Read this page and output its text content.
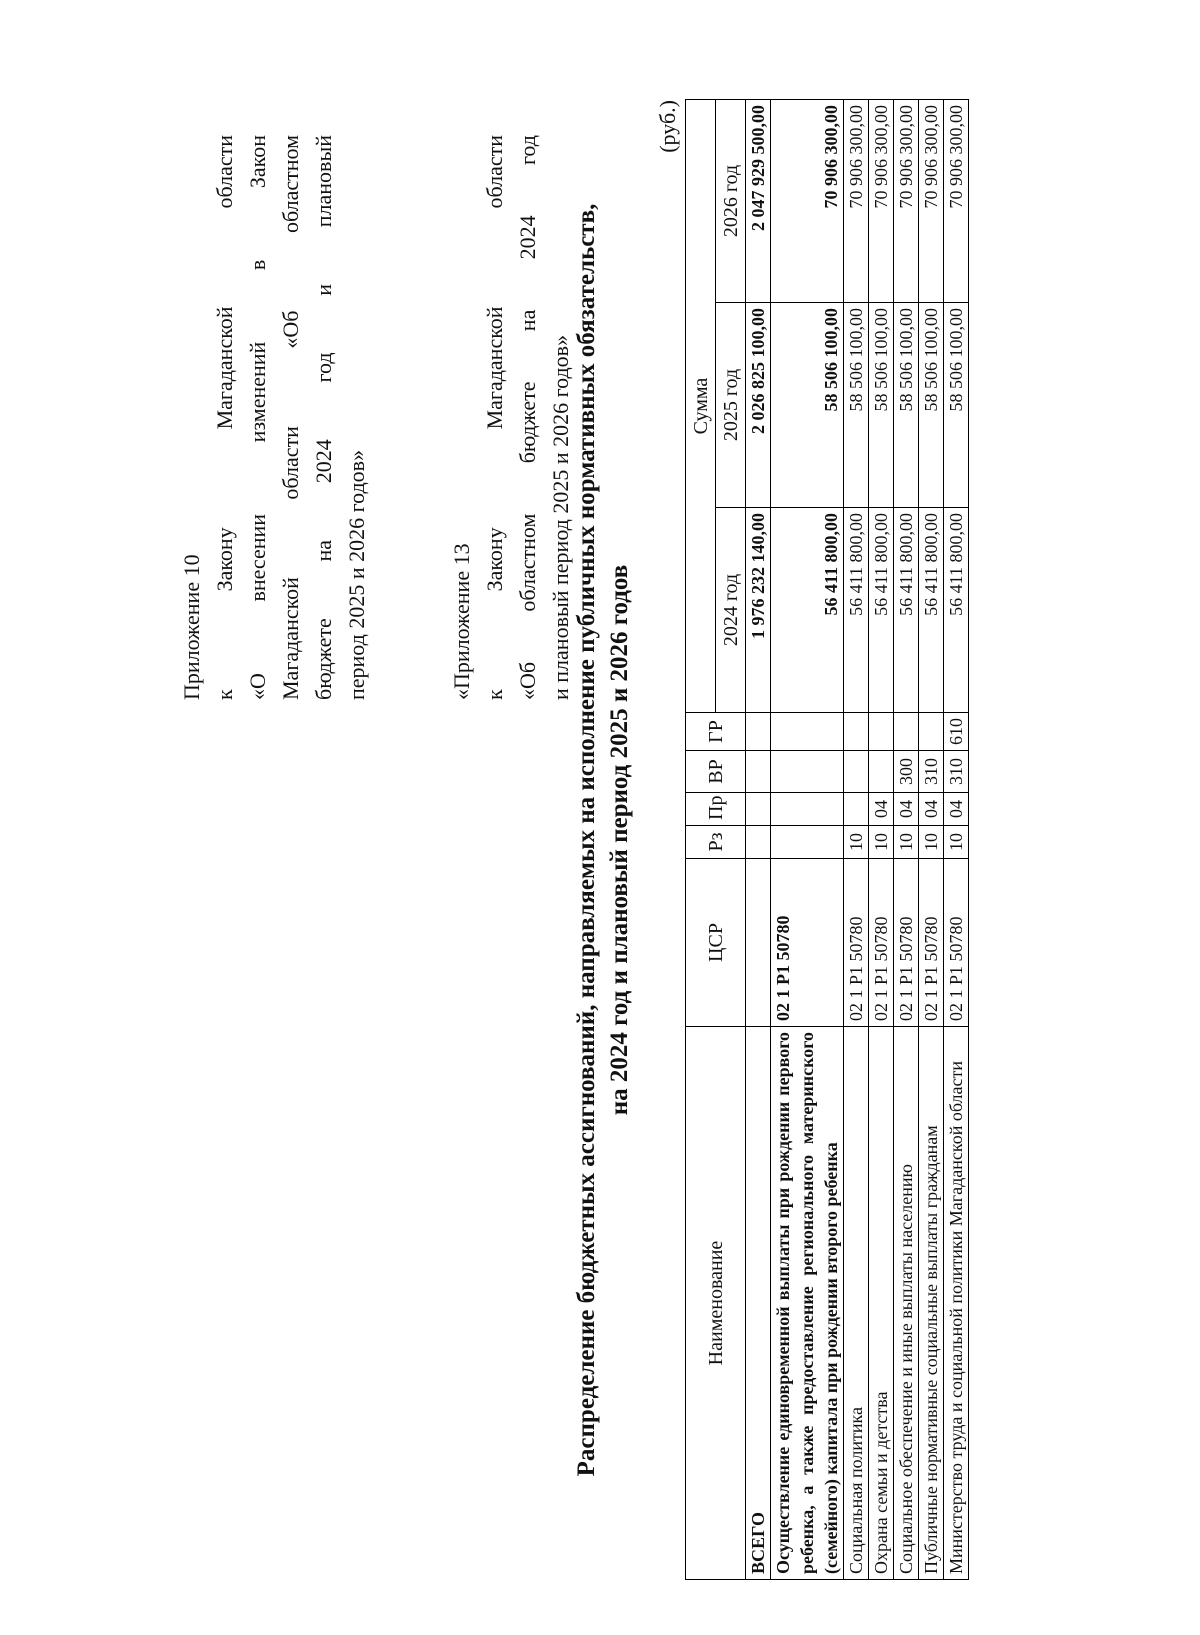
Приложение 10 к Закону Магаданской области «О внесении изменений в Закон Магаданской области «Об областном бюджете на 2024 год и плановый период 2025 и 2026 годов»	«Приложение 13 к Закону Магаданской области «Об областном бюджете на 2024 год и плановый период 2025 и 2026 годов» Распределение бюджетных ассигнований, направляемых на исполнение публичных нормативных обязательств, на 2024 год и плановый период 2025 и 2026 годов
(руб.)
Наименование	ЦСР	Рз	Пр	ВР	ГР	Сумма		
						2024 год	2025 год	2026 год
ВСЕГО						1 976 232 140,00	2 026 825 100,00	2 047 929 500,00
Осуществление единовременной выплаты при рождении первого ребенка, а также предоставление регионального материнского (семейного) капитала при рождении второго ребенка	02 1 P1 50780					56 411 800,00	58 506 100,00	70 906 300,00
Социальная политика	02 1 P1 50780	10				56 411 800,00	58 506 100,00	70 906 300,00
Охрана семьи и детства	02 1 P1 50780	10	04			56 411 800,00	58 506 100,00	70 906 300,00
Социальное обеспечение и иные выплаты населению	02 1 P1 50780	10	04	300		56 411 800,00	58 506 100,00	70 906 300,00
Публичные нормативные социальные выплаты гражданам	02 1 P1 50780	10	04	310		56 411 800,00	58 506 100,00	70 906 300,00
Министерство труда и социальной политики Магаданской области	02 1 P1 50780	10	04	310	610	56 411 800,00	58 506 100,00	70 906 300,00
